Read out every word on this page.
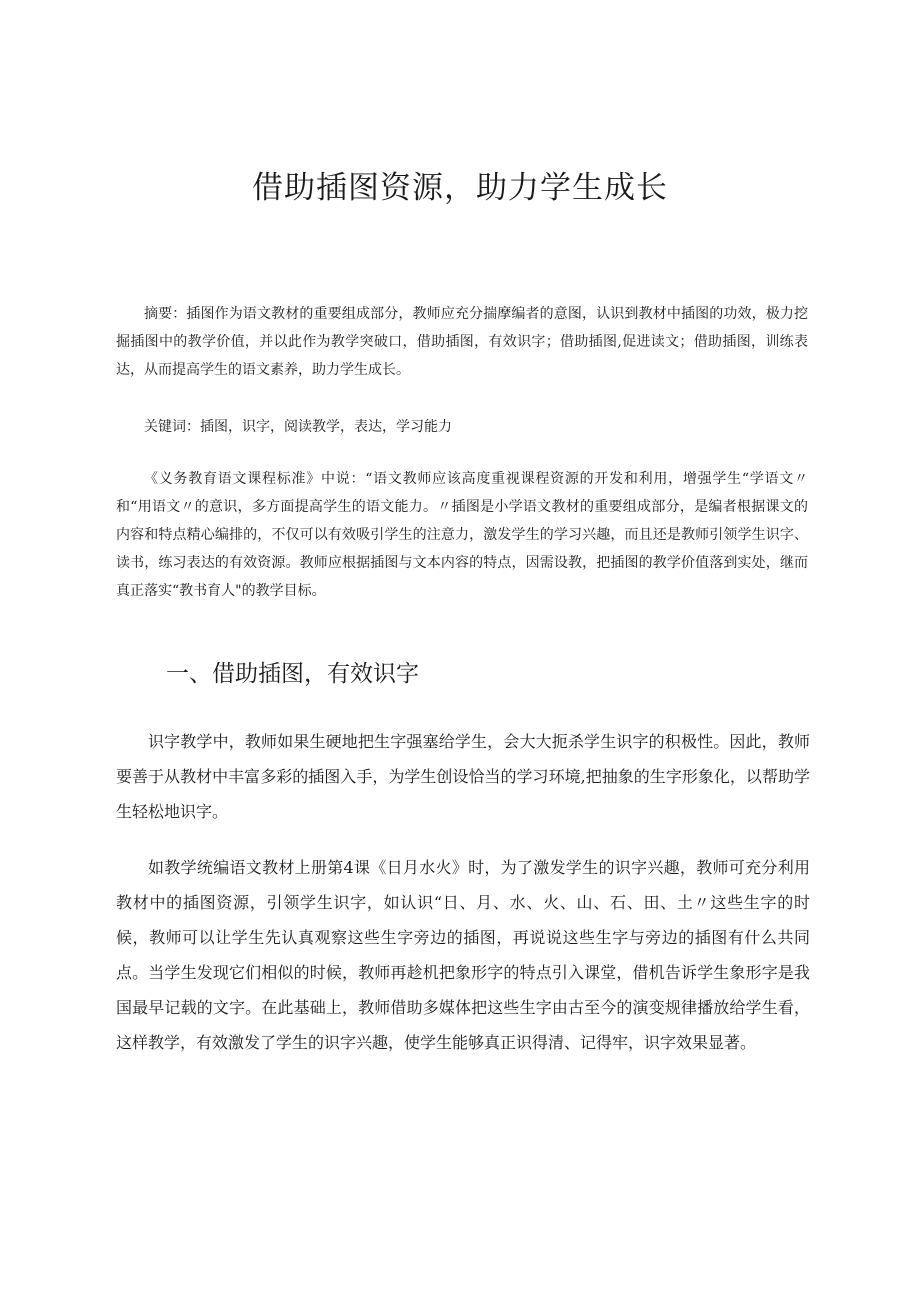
借助插图资源，助力学生成长

摘要：插图作为语文教材的重要组成部分，教师应充分揣摩编者的意图，认识到教材中插图的功效，极力挖掘插图中的教学价值，并以此作为教学突破口，借助插图，有效识字；借助插图,促进读文；借助插图，训练表达，从而提高学生的语文素养，助力学生成长。

关键词：插图，识字，阅读教学，表达，学习能力

《义务教育语文课程标准》中说：“语文教师应该高度重视课程资源的开发和利用，增强学生“学语文〃和“用语文〃的意识，多方面提高学生的语文能力。〃插图是小学语文教材的重要组成部分，是编者根据课文的内容和特点精心编排的，不仅可以有效吸引学生的注意力，激发学生的学习兴趣，而且还是教师引领学生识字、读书，练习表达的有效资源。教师应根据插图与文本内容的特点，因需设教，把插图的教学价值落到实处，继而真正落实“教书育人"的教学目标。

一、借助插图，有效识字

识字教学中，教师如果生硬地把生字强塞给学生，会大大扼杀学生识字的积极性。因此，教师要善于从教材中丰富多彩的插图入手，为学生创设恰当的学习环境,把抽象的生字形象化，以帮助学生轻松地识字。

如教学统编语文教材上册第4课《日月水火》时，为了激发学生的识字兴趣，教师可充分利用教材中的插图资源，引领学生识字，如认识“日、月、水、火、山、石、田、土〃这些生字的时候，教师可以让学生先认真观察这些生字旁边的插图，再说说这些生字与旁边的插图有什么共同点。当学生发现它们相似的时候，教师再趁机把象形字的特点引入课堂，借机告诉学生象形字是我国最早记载的文字。在此基础上，教师借助多媒体把这些生字由古至今的演变规律播放给学生看，这样教学，有效激发了学生的识字兴趣，使学生能够真正识得清、记得牢，识字效果显著。
